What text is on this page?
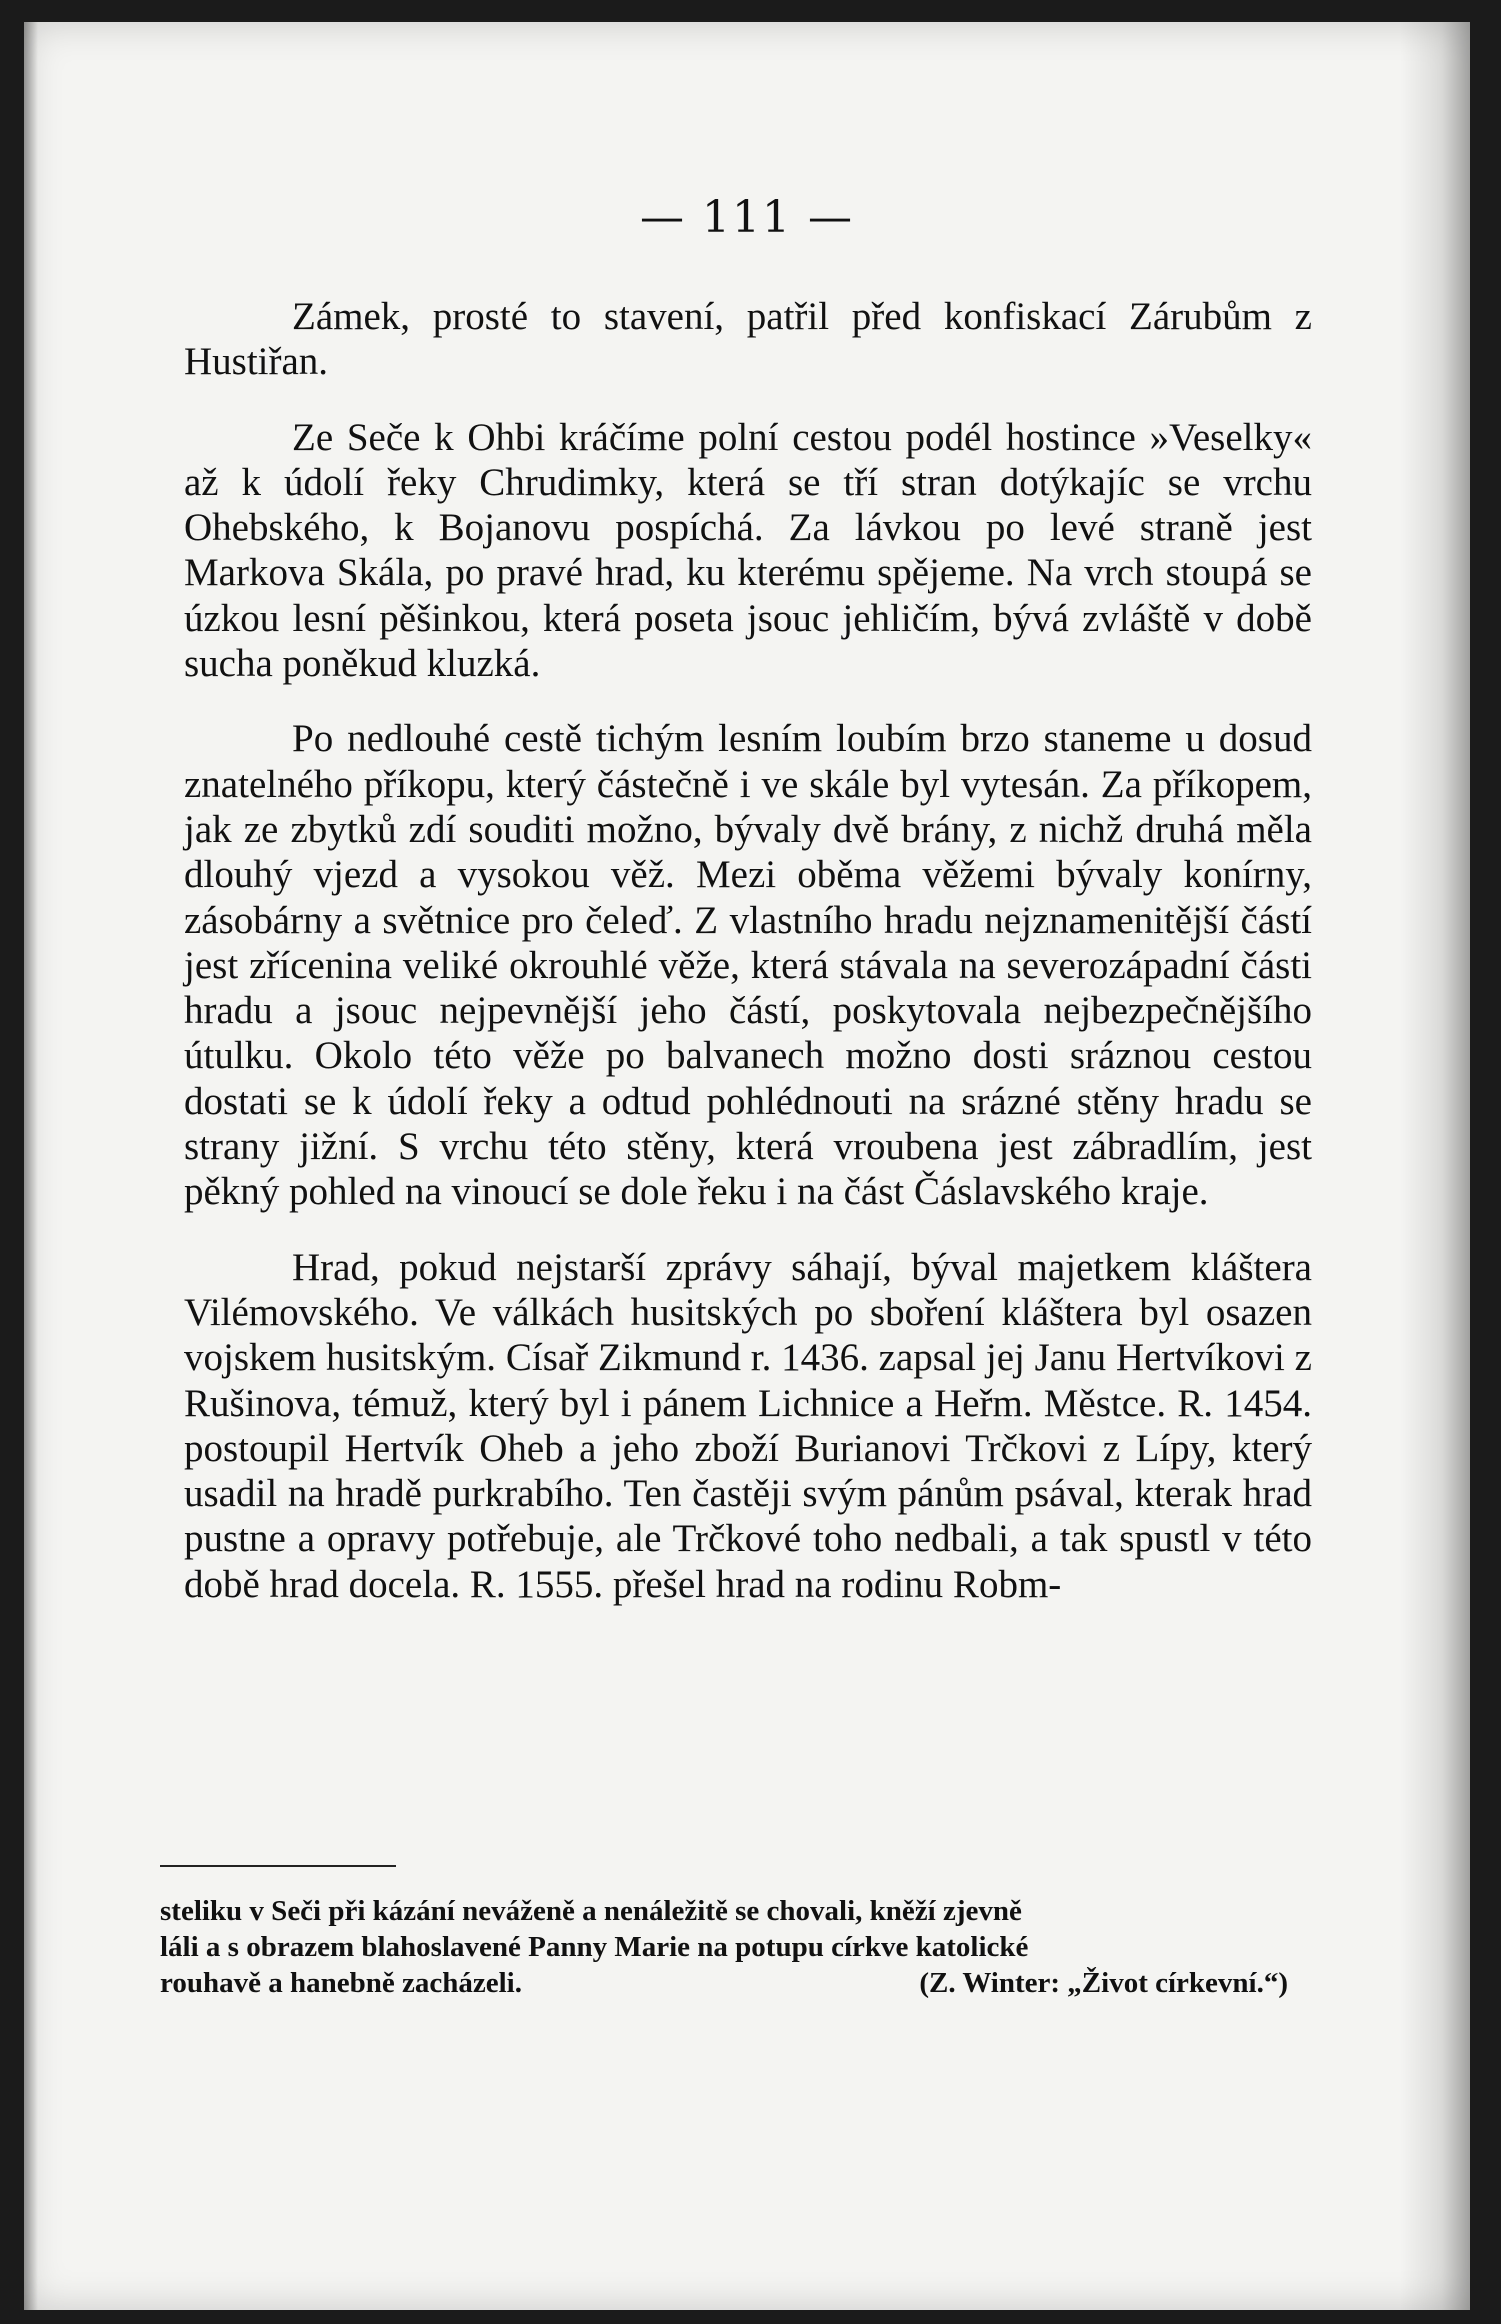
— 111 —

Zámek, prosté to stavení, patřil před konfiskací Zárubům z Hustiřan.

Ze Seče k Ohbi kráčíme polní cestou podél hostince »Veselky« až k údolí řeky Chrudimky, která se tří stran dotýkajíc se vrchu Ohebského, k Bojanovu pospíchá. Za lávkou po levé straně jest Markova Skála, po pravé hrad, ku kterému spějeme. Na vrch stoupá se úzkou lesní pěšinkou, která poseta jsouc jehličím, bývá zvláště v době sucha poněkud kluzká.

Po nedlouhé cestě tichým lesním loubím brzo staneme u dosud znatelného příkopu, který částečně i ve skále byl vytesán. Za příkopem, jak ze zbytků zdí souditi možno, bývaly dvě brány, z nichž druhá měla dlouhý vjezd a vysokou věž. Mezi oběma věžemi bývaly konírny, zásobárny a světnice pro čeleď. Z vlastního hradu nejznamenitější částí jest zřícenina veliké okrouhlé věže, která stávala na severozápadní části hradu a jsouc nejpevnější jeho částí, poskytovala nejbezpečnějšího útulku. Okolo této věže po balvanech možno dosti sráznou cestou dostati se k údolí řeky a odtud pohlédnouti na srázné stěny hradu se strany jižní. S vrchu této stěny, která vroubena jest zábradlím, jest pěkný pohled na vinoucí se dole řeku i na část Čáslavského kraje.

Hrad, pokud nejstarší zprávy sáhají, býval majetkem kláštera Vilémovského. Ve válkách husitských po sboření kláštera byl osazen vojskem husitským. Císař Zikmund r. 1436. zapsal jej Janu Hertvíkovi z Rušinova, témuž, který byl i pánem Lichnice a Heřm. Městce. R. 1454. postoupil Hertvík Oheb a jeho zboží Burianovi Trčkovi z Lípy, který usadil na hradě purkrabího. Ten častěji svým pánům psával, kterak hrad pustne a opravy potřebuje, ale Trčkové toho nedbali, a tak spustl v této době hrad docela. R. 1555. přešel hrad na rodinu Robm-

steliku v Seči při kázání neváženě a nenáležitě se chovali, kněží zjevně
láli a s obrazem blahoslavené Panny Marie na potupu církve katolické
rouhavě a hanebně zacházeli.	(Z. Winter: „Život církevní.“)
